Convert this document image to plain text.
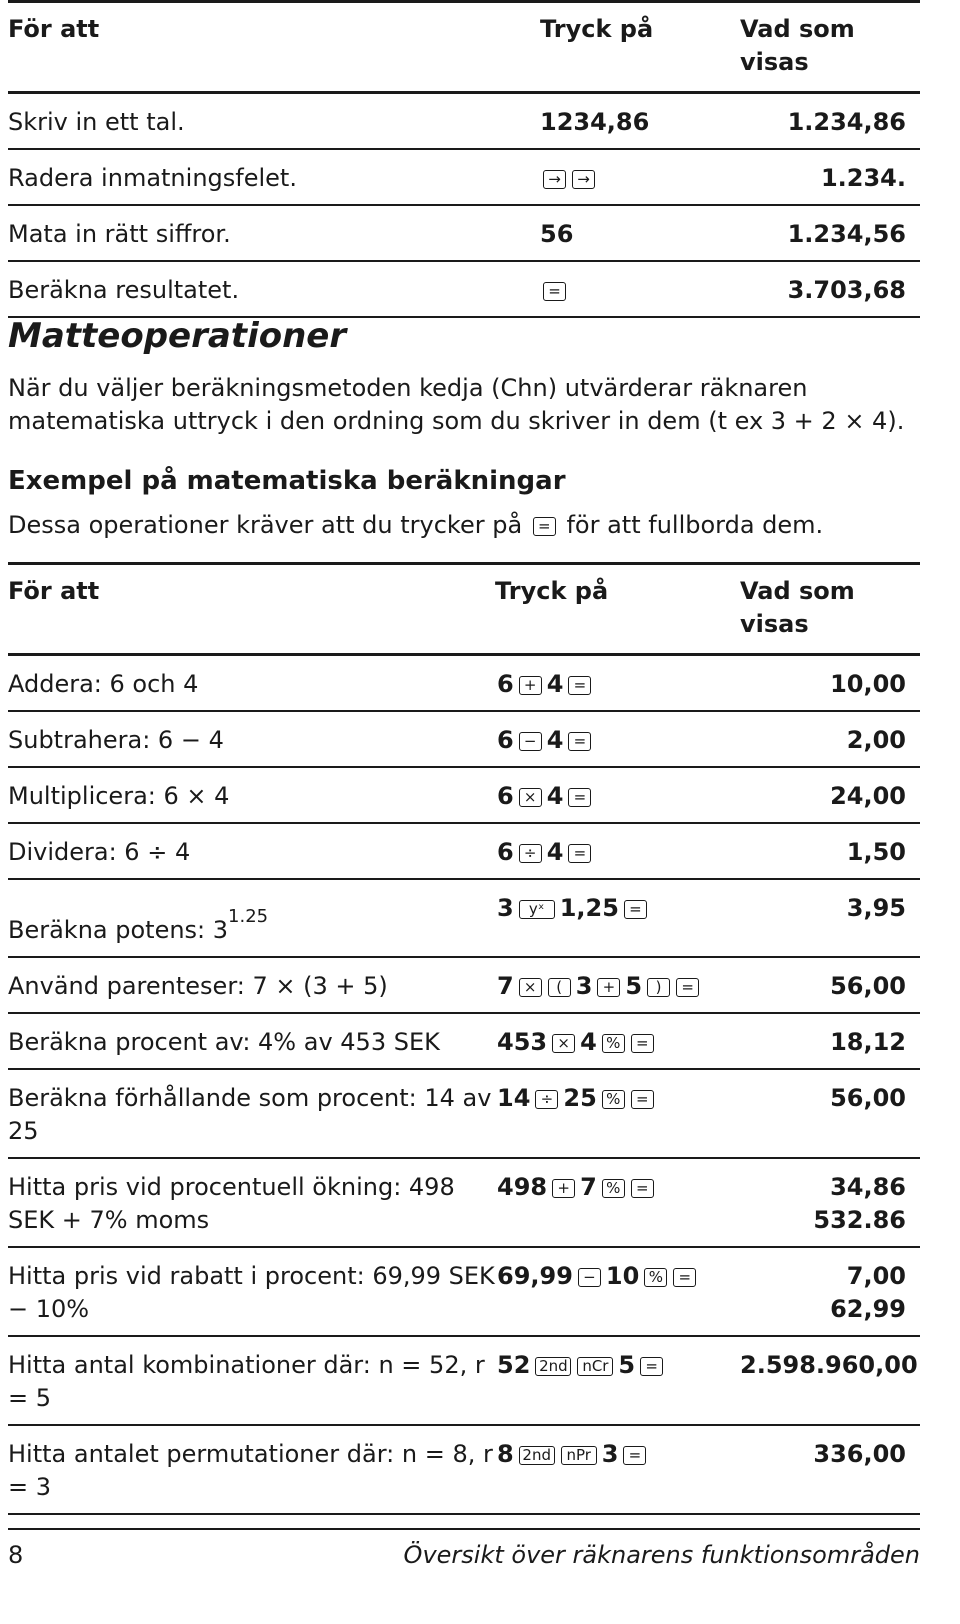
För att	Tryck på	Vad som visas
Skriv in ett tal.	1234,86	1.234,86
Radera inmatningsfelet.	→ →	1.234.
Mata in rätt siffror.	56	1.234,56
Beräkna resultatet.	=	3.703,68
Matteoperationer
När du väljer beräkningsmetoden kedja (Chn) utvärderar räknaren matematiska uttryck i den ordning som du skriver in dem (t ex 3 + 2 × 4).
Exempel på matematiska beräkningar
Dessa operationer kräver att du trycker på = för att fullborda dem.
För att	Tryck på	Vad som visas
Addera: 6 och 4	6 + 4 =	10,00

Subtrahera: 6 − 4	6 − 4 =	2,00

Multiplicera: 6 × 4	6 × 4 =	24,00

Dividera: 6 ÷ 4	6 ÷ 4 =	1,50

Beräkna potens: $3^{1.25}$	3 yˣ 1,25 =	3,95

Använd parenteser: 7 × (3 + 5)	7 × ( 3 + 5 ) =	56,00

Beräkna procent av: 4% av 453 SEK	453 × 4 % =	18,12

Beräkna förhållande som procent: 14 av 25	14 ÷ 25 % =	56,00

Hitta pris vid procentuell ökning: 498 SEK + 7% moms	498 + 7 % =	34,86
532.86

Hitta pris vid rabatt i procent: 69,99 SEK − 10%	69,99 − 10 % =	7,00
62,99

Hitta antal kombinationer där: n = 52, r = 5	52 2nd nCr 5 =	2.598.960,00

Hitta antalet permutationer där: n = 8, r = 3	8 2nd nPr 3 =	336,00
8	Översikt över räknarens funktionsområden
